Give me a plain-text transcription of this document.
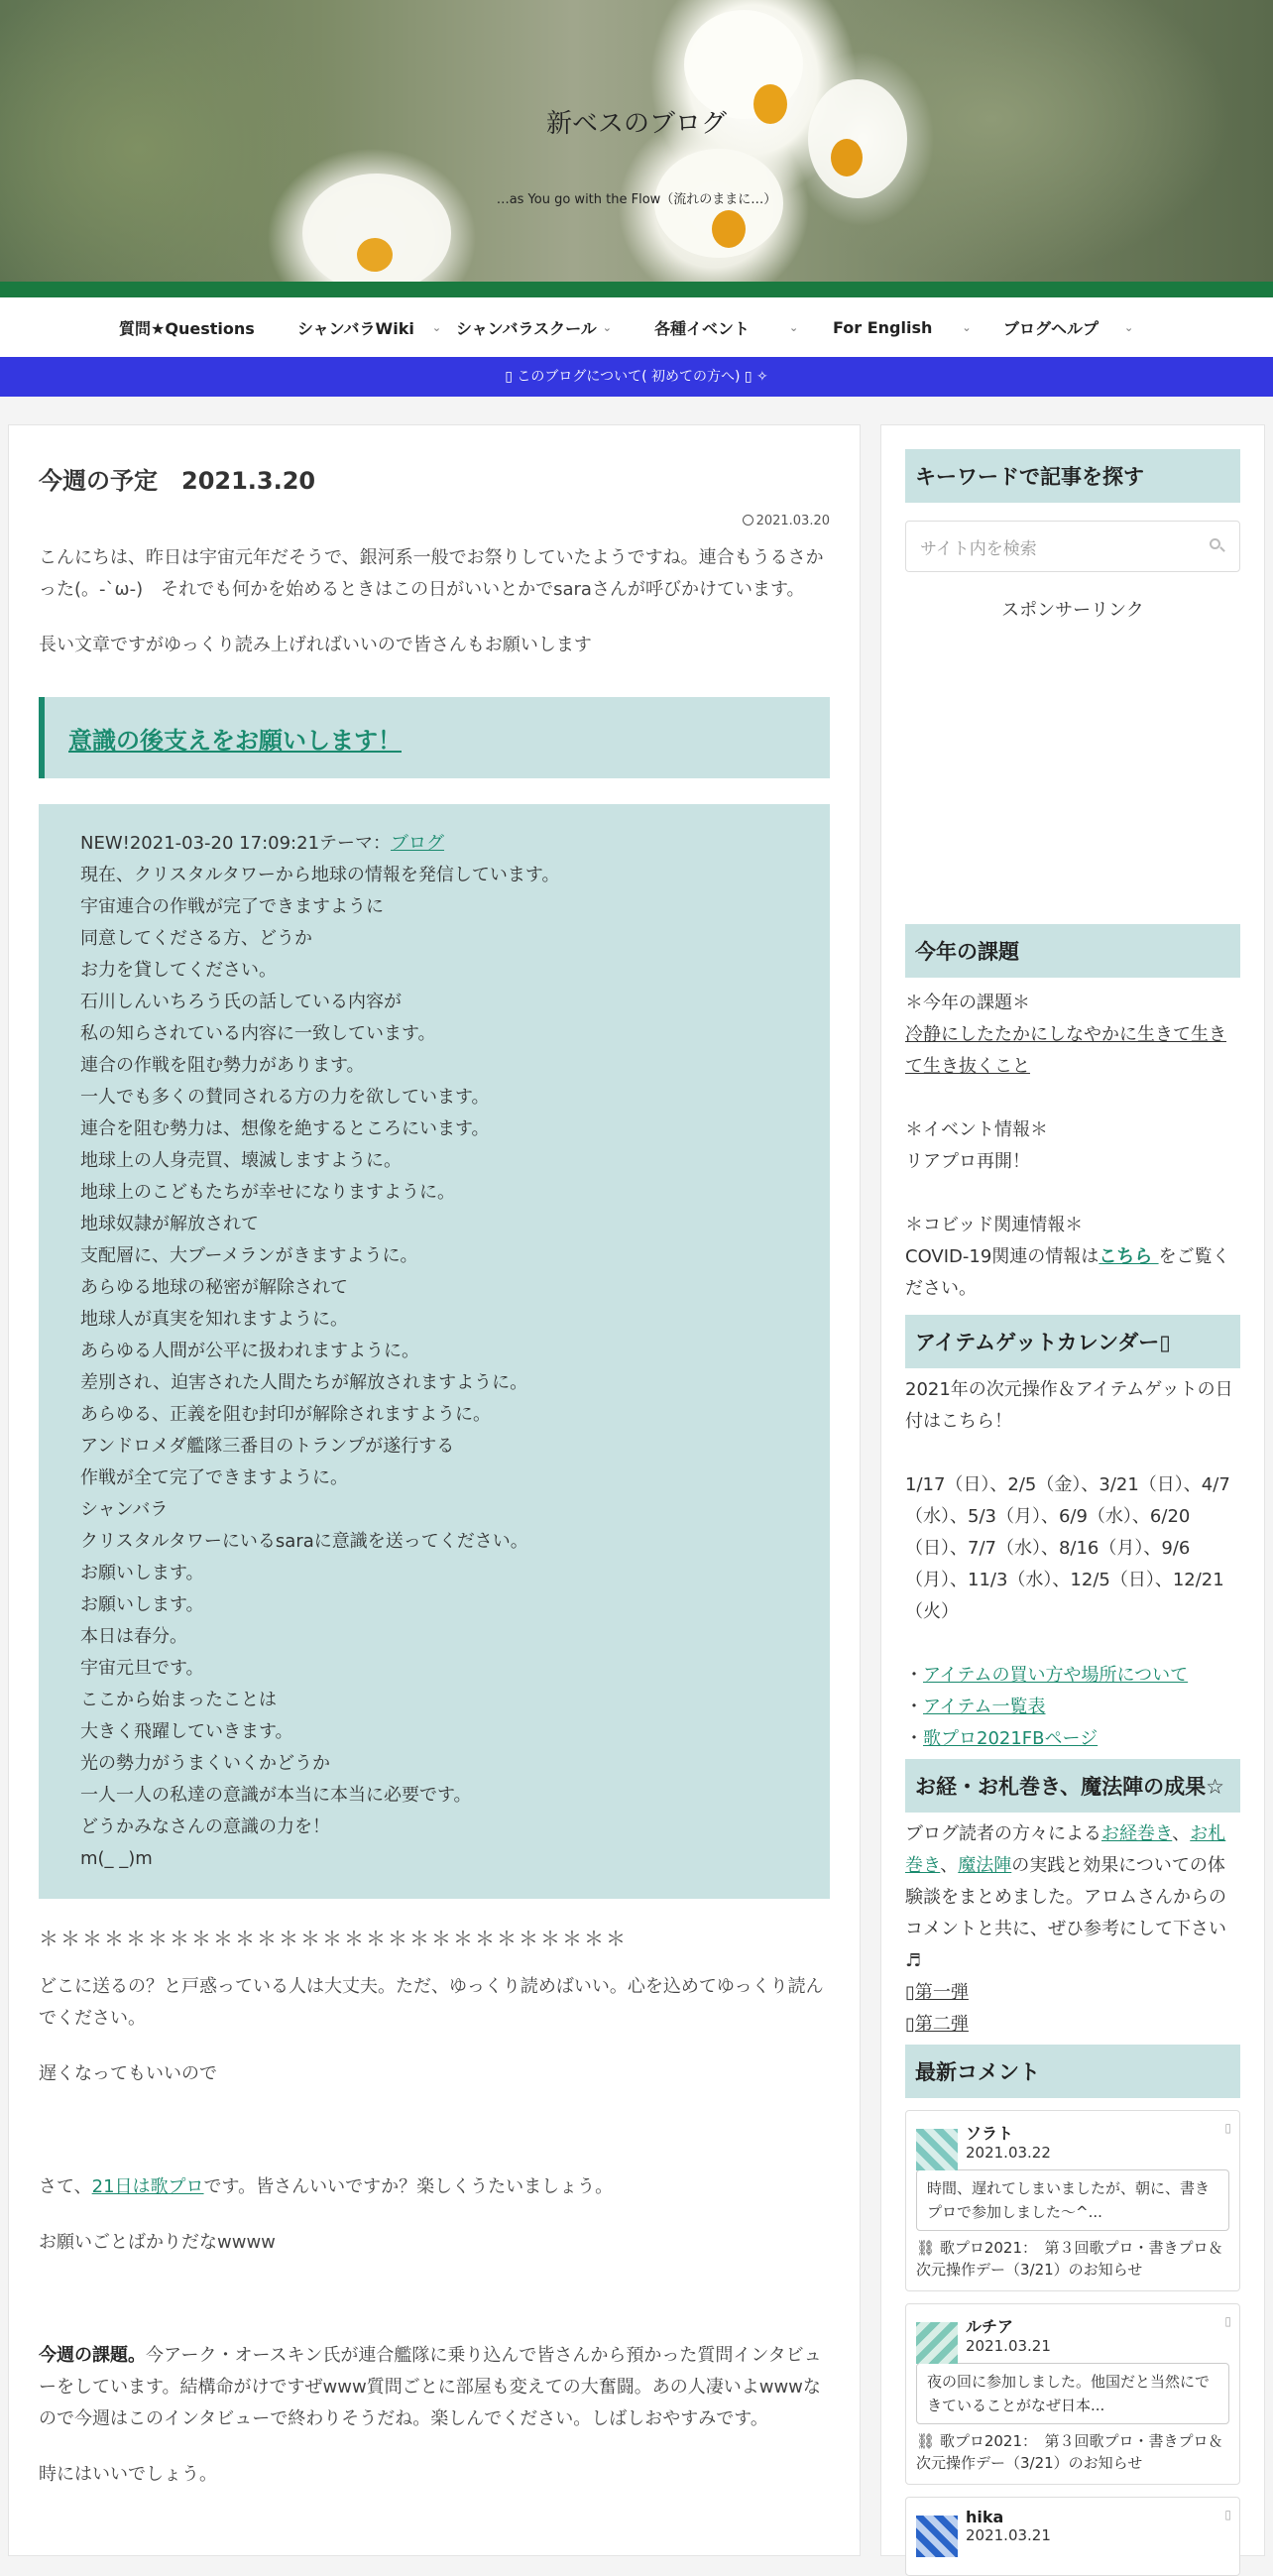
新ベスのブログ
…as You go with the Flow（流れのままに…）
質問★Questions	シャンバラWiki ⌄ シャンバラスクール ⌄	各種イベント	⌄ For English	⌄ ブログヘルプ ⌄
▯ このブログについて( 初めての方へ) ▯ ✧
今週の予定　2021.3.20
2021.03.20

こんにちは、昨日は宇宙元年だそうで、銀河系一般でお祭りしていたようですね。連合もうるさかった(。-`ω-)　それでも何かを始めるときはこの日がいいとかでsaraさんが呼びかけています。

長い文章ですがゆっくり読み上げればいいので皆さんもお願いします

意識の後支えをお願いします！
NEW!2021-03-20 17:09:21テーマ：ブログ
現在、クリスタルタワーから地球の情報を発信しています。
宇宙連合の作戦が完了できますように
同意してくださる方、どうか
お力を貸してください。
石川しんいちろう氏の話している内容が
私の知らされている内容に一致しています。
連合の作戦を阻む勢力があります。
一人でも多くの賛同される方の力を欲しています。
連合を阻む勢力は、想像を絶するところにいます。
地球上の人身売買、壊滅しますように。
地球上のこどもたちが幸せになりますように。
地球奴隷が解放されて
支配層に、大ブーメランがきますように。
あらゆる地球の秘密が解除されて
地球人が真実を知れますように。
あらゆる人間が公平に扱われますように。
差別され、迫害された人間たちが解放されますように。
あらゆる、正義を阻む封印が解除されますように。
アンドロメダ艦隊三番目のトランプが遂行する
作戦が全て完了できますように。
シャンバラ
クリスタルタワーにいるsaraに意識を送ってください。
お願いします。
お願いします。
本日は春分。
宇宙元旦です。
ここから始まったことは
大きく飛躍していきます。
光の勢力がうまくいくかどうか
一人一人の私達の意識が本当に本当に必要です。
どうかみなさんの意識の力を！
m(_ _)m
＊＊＊＊＊＊＊＊＊＊＊＊＊＊＊＊＊＊＊＊＊＊＊＊＊＊＊

どこに送るの？と戸惑っている人は大丈夫。ただ、ゆっくり読めばいい。心を込めてゆっくり読んでください。

遅くなってもいいので

さて、21日は歌プロです。皆さんいいですか？楽しくうたいましょう。

お願いごとばかりだなwwww

今週の課題。今アーク・オースキン氏が連合艦隊に乗り込んで皆さんから預かった質問インタビューをしています。結構命がけですぜwww質問ごとに部屋も変えての大奮闘。あの人凄いよwwwなので今週はこのインタビューで終わりそうだね。楽しんでください。しばしおやすみです。

時にはいいでしょう。

キーワードで記事を探す
サイト内を検索
スポンサーリンク
今年の課題
＊今年の課題＊
冷静にしたたかにしなやかに生きて生きて生き抜くこと
＊イベント情報＊
リアプロ再開！
＊コビッド関連情報＊
COVID-19関連の情報はこちら をご覧ください。
アイテムゲットカレンダー▯
2021年の次元操作＆アイテムゲットの日付はこちら！
1/17（日）、2/5（金）、3/21（日）、4/7（水）、5/3（月）、6/9（水）、6/20（日）、7/7（水）、8/16（月）、9/6（月）、11/3（水）、12/5（日）、12/21（火）
・アイテムの買い方や場所について
・アイテム一覧表
・歌プロ2021FBページ
お経・お札巻き、魔法陣の成果☆
ブログ読者の方々によるお経巻き、お札巻き、魔法陣の実践と効果についての体験談をまとめました。アロムさんからのコメントと共に、ぜひ参考にして下さい♬
▯第一弾
▯第二弾
最新コメント
▯
ソラト
2021.03.22
時間、遅れてしまいましたが、朝に、書きプロで参加しました〜^...
⛓ 歌プロ2021：　第３回歌プロ・書きプロ＆次元操作デー（3/21）のお知らせ
▯
ルチア
2021.03.21
夜の回に参加しました。他国だと当然にできていることがなぜ日本...
⛓ 歌プロ2021：　第３回歌プロ・書きプロ＆次元操作デー（3/21）のお知らせ
▯
hika
2021.03.21
